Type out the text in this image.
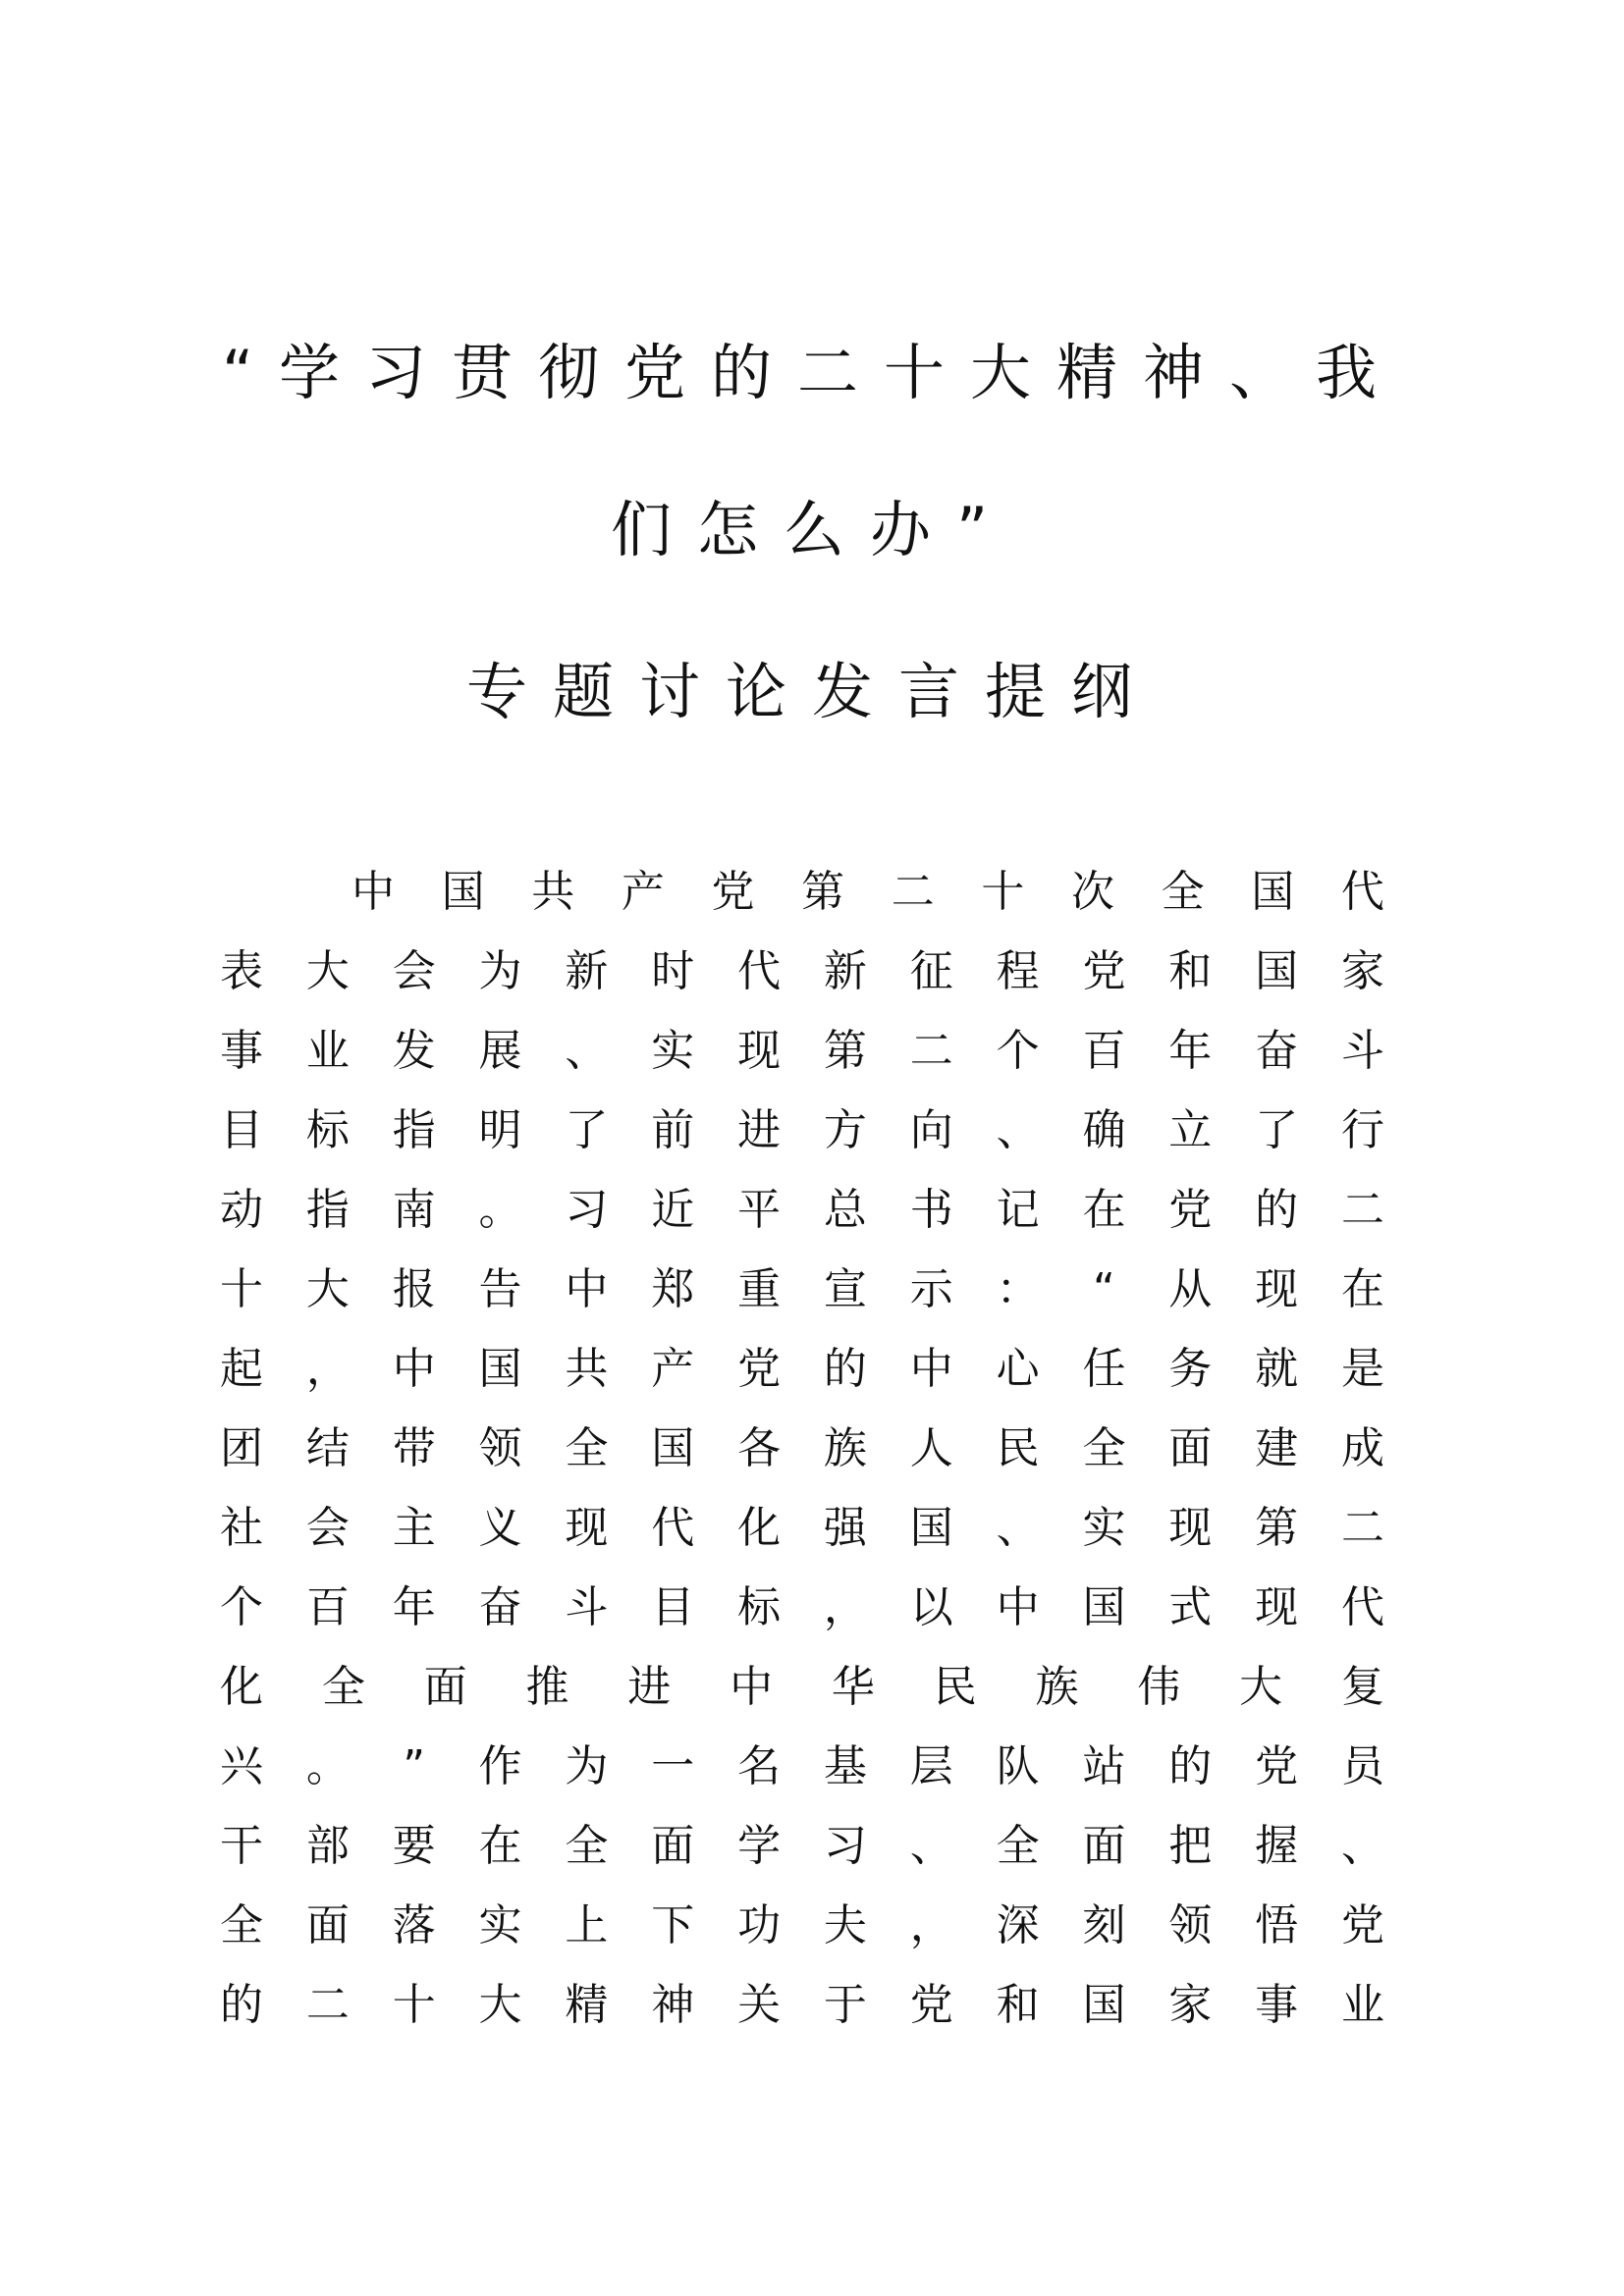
“学习贯彻党的二十大精神、我
们怎么办”
专题讨论发言提纲
中 国 共 产 党 第 二 十 次 全 国 代
表 大 会 为 新 时 代 新 征 程 党 和 国 家
事 业 发 展 、 实 现 第 二 个 百 年 奋 斗
目 标 指 明 了 前 进 方 向 、 确 立 了 行
动 指 南 。 习 近 平 总 书 记 在 党 的 二
十 大 报 告 中 郑 重 宣 示 ： “ 从 现 在
起 ， 中 国 共 产 党 的 中 心 任 务 就 是
团 结 带 领 全 国 各 族 人 民 全 面 建 成
社 会 主 义 现 代 化 强 国 、 实 现 第 二
个 百 年 奋 斗 目 标 ， 以 中 国 式 现 代
化 全 面 推 进 中 华 民 族 伟 大 复
兴 。 ” 作 为 一 名 基 层 队 站 的 党 员
干 部 要 在 全 面 学 习 、 全 面 把 握 、
全 面 落 实 上 下 功 夫 ， 深 刻 领 悟 党
的 二 十 大 精 神 关 于 党 和 国 家 事 业
